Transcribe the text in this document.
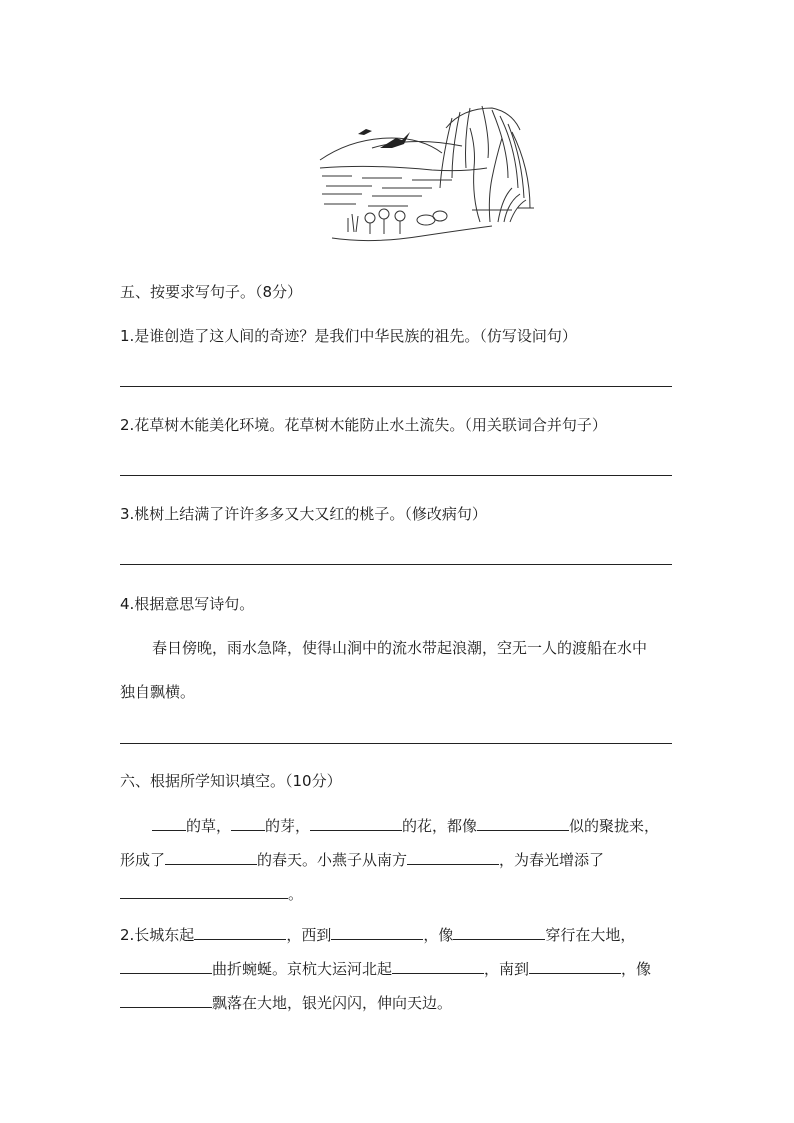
五、按要求写句子。（8分）
1.是谁创造了这人间的奇迹？是我们中华民族的祖先。（仿写设问句）
2.花草树木能美化环境。花草树木能防止水土流失。（用关联词合并句子）
3.桃树上结满了许许多多又大又红的桃子。（修改病句）
4.根据意思写诗句。
春日傍晚，雨水急降，使得山涧中的流水带起浪潮，空无一人的渡船在水中
独自飘横。
六、根据所学知识填空。（10分）
的草， 的芽，	的花，都像	似的聚拢来，
形成了	的春天。小燕子从南方	，为春光增添了
。
2.长城东起	，西到	，像	穿行在大地，
曲折蜿蜒。京杭大运河北起	，南到	，像
飘落在大地，银光闪闪，伸向天边。
